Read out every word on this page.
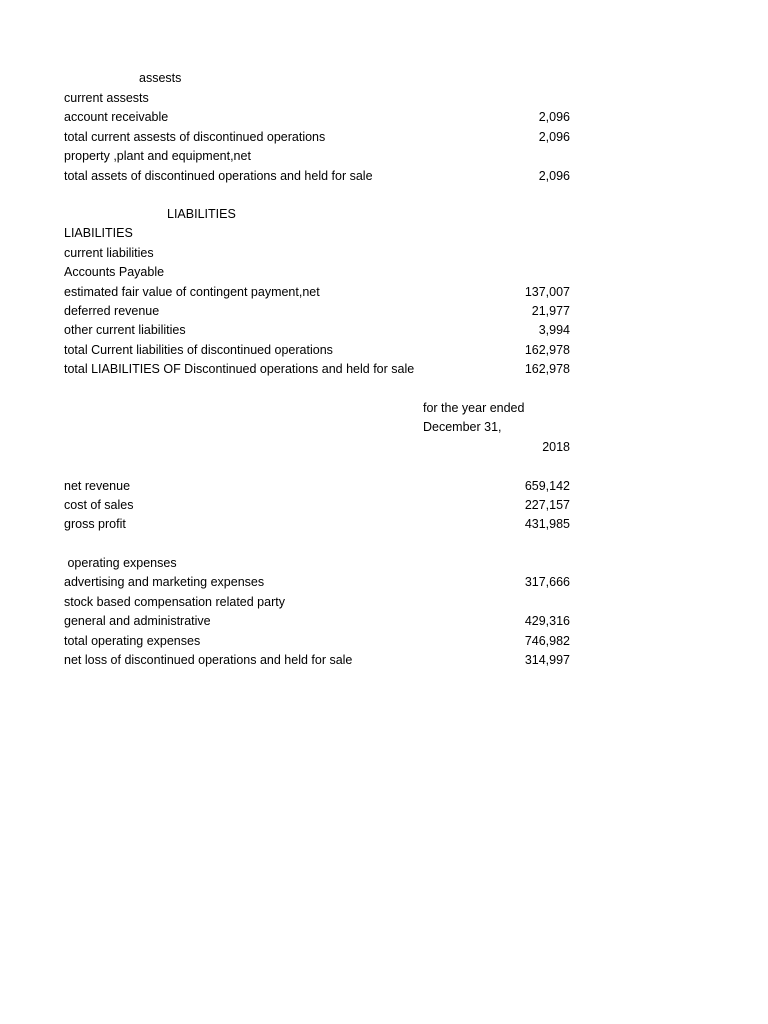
assests
current assests
account receivable	2,096
total current assests of discontinued operations	2,096
property ,plant and equipment,net
total assets of discontinued operations and held for sale	2,096
LIABILITIES
LIABILITIES
current liabilities
Accounts Payable
estimated fair value of contingent payment,net	137,007
deferred revenue	21,977
other current liabilities	3,994
total Current liabilities of discontinued operations	162,978
total LIABILITIES OF Discontinued operations and held for sale	162,978
for the year ended
December 31,
2018
net revenue	659,142
cost of sales	227,157
gross profit	431,985
operating expenses
advertising and marketing expenses	317,666
stock based compensation related party
general and administrative	429,316
total operating expenses	746,982
net loss of discontinued operations and held for sale	314,997
